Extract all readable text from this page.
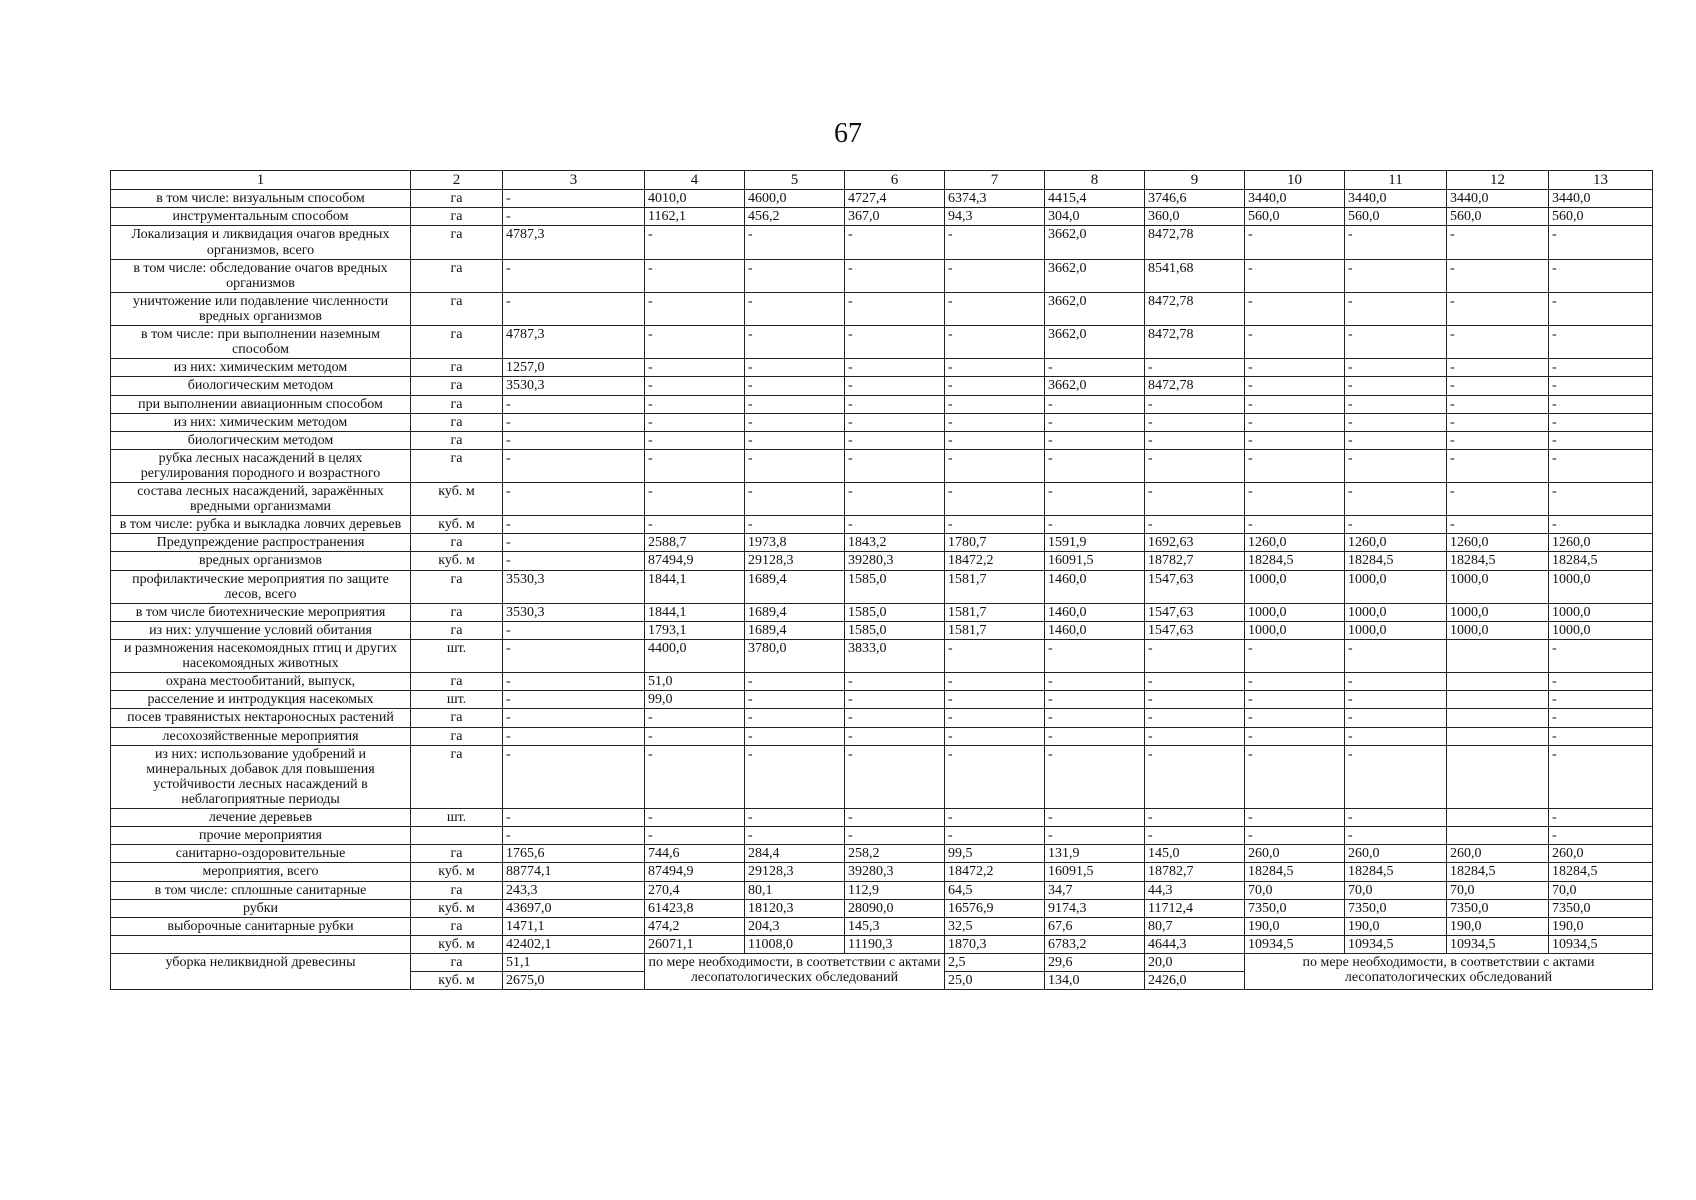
67
1	2	3	4	5	6	7	8	9	10	11	12	13
в том числе: визуальным способом	га	-	4010,0	4600,0	4727,4	6374,3	4415,4	3746,6	3440,0	3440,0	3440,0	3440,0
инструментальным способом	га	-	1162,1	456,2	367,0	94,3	304,0	360,0	560,0	560,0	560,0	560,0
Локализация и ликвидация очагов вредных организмов, всего	га	4787,3	-	-	-	-	3662,0	8472,78	-	-	-	-
в том числе: обследование очагов вредных организмов	га	-	-	-	-	-	3662,0	8541,68	-	-	-	-
уничтожение или подавление численности вредных организмов	га	-	-	-	-	-	3662,0	8472,78	-	-	-	-
в том числе: при выполнении наземным способом	га	4787,3	-	-	-	-	3662,0	8472,78	-	-	-	-
из них: химическим методом	га	1257,0	-	-	-	-	-	-	-	-	-	-
биологическим методом	га	3530,3	-	-	-	-	3662,0	8472,78	-	-	-	-
при выполнении авиационным способом	га	-	-	-	-	-	-	-	-	-	-	-
из них: химическим методом	га	-	-	-	-	-	-	-	-	-	-	-
биологическим методом	га	-	-	-	-	-	-	-	-	-	-	-
рубка лесных насаждений в целях регулирования породного и возрастного	га	-	-	-	-	-	-	-	-	-	-	-
состава лесных насаждений, заражённых вредными организмами	куб. м	-	-	-	-	-	-	-	-	-	-	-
в том числе: рубка и выкладка ловчих деревьев	куб. м	-	-	-	-	-	-	-	-	-	-	-
Предупреждение распространения	га	-	2588,7	1973,8	1843,2	1780,7	1591,9	1692,63	1260,0	1260,0	1260,0	1260,0
вредных организмов	куб. м	-	87494,9	29128,3	39280,3	18472,2	16091,5	18782,7	18284,5	18284,5	18284,5	18284,5
профилактические мероприятия по защите лесов, всего	га	3530,3	1844,1	1689,4	1585,0	1581,7	1460,0	1547,63	1000,0	1000,0	1000,0	1000,0
в том числе биотехнические мероприятия	га	3530,3	1844,1	1689,4	1585,0	1581,7	1460,0	1547,63	1000,0	1000,0	1000,0	1000,0
из них: улучшение условий обитания	га	-	1793,1	1689,4	1585,0	1581,7	1460,0	1547,63	1000,0	1000,0	1000,0	1000,0
и размножения насекомоядных птиц и других насекомоядных животных	шт.	-	4400,0	3780,0	3833,0	-	-	-	-	-		-
охрана местообитаний, выпуск,	га	-	51,0	-	-	-	-	-	-	-		-
расселение и интродукция насекомых	шт.	-	99,0	-	-	-	-	-	-	-		-
посев травянистых нектароносных растений	га	-	-	-	-	-	-	-	-	-		-
лесохозяйственные мероприятия	га	-	-	-	-	-	-	-	-	-		-
из них: использование удобрений и минеральных добавок для повышения устойчивости лесных насаждений в неблагоприятные периоды	га	-	-	-	-	-	-	-	-	-		-
лечение деревьев	шт.	-	-	-	-	-	-	-	-	-		-
прочие мероприятия		-	-	-	-	-	-	-	-	-		-
санитарно-оздоровительные	га	1765,6	744,6	284,4	258,2	99,5	131,9	145,0	260,0	260,0	260,0	260,0
мероприятия, всего	куб. м	88774,1	87494,9	29128,3	39280,3	18472,2	16091,5	18782,7	18284,5	18284,5	18284,5	18284,5
в том числе: сплошные санитарные	га	243,3	270,4	80,1	112,9	64,5	34,7	44,3	70,0	70,0	70,0	70,0
рубки	куб. м	43697,0	61423,8	18120,3	28090,0	16576,9	9174,3	11712,4	7350,0	7350,0	7350,0	7350,0
выборочные санитарные рубки	га	1471,1	474,2	204,3	145,3	32,5	67,6	80,7	190,0	190,0	190,0	190,0
	куб. м	42402,1	26071,1	11008,0	11190,3	1870,3	6783,2	4644,3	10934,5	10934,5	10934,5	10934,5
уборка неликвидной древесины	га	51,1	по мере необходимости, в соответствии с актами лесопатологических обследований			2,5	29,6	20,0	по мере необходимости, в соответствии с актами лесопатологических обследований			
	куб. м	2675,0				25,0	134,0	2426,0				
